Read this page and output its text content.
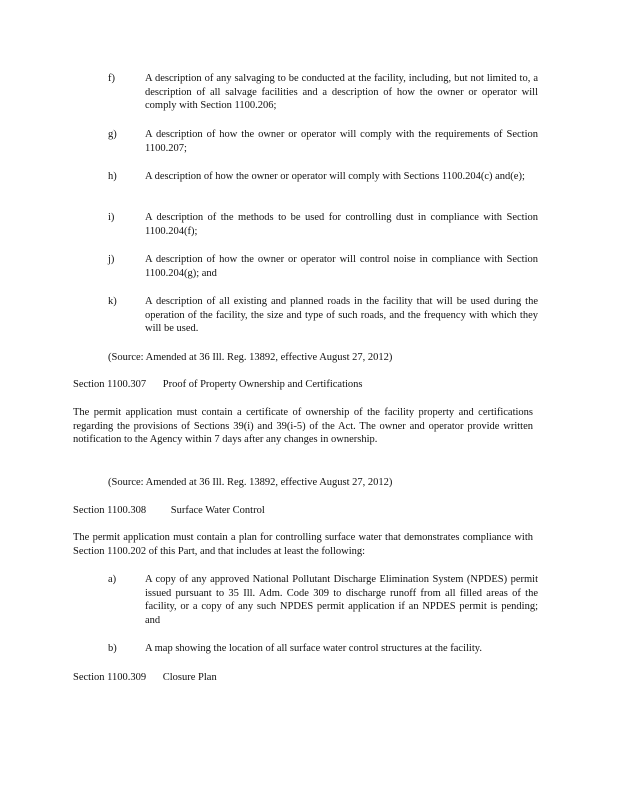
f)	A description of any salvaging to be conducted at the facility, including, but not limited to, a description of all salvage facilities and a description of how the owner or operator will comply with Section 1100.206;
g)	A description of how the owner or operator will comply with the requirements of Section 1100.207;
h)	A description of how the owner or operator will comply with Sections 1100.204(c) and(e);
i)	A description of the methods to be used for controlling dust in compliance with Section 1100.204(f);
j)	A description of how the owner or operator will control noise in compliance with Section 1100.204(g); and
k)	A description of all existing and planned roads in the facility that will be used during the operation of the facility, the size and type of such roads, and the frequency with which they will be used.
(Source: Amended at 36 Ill. Reg. 13892, effective August 27, 2012)
Section 1100.307 Proof of Property Ownership and Certifications
The permit application must contain a certificate of ownership of the facility property and certifications regarding the provisions of Sections 39(i) and 39(i-5) of the Act. The owner and operator provide written notification to the Agency within 7 days after any changes in ownership.
(Source: Amended at 36 Ill. Reg. 13892, effective August 27, 2012)
Section 1100.308 Surface Water Control
The permit application must contain a plan for controlling surface water that demonstrates compliance with Section 1100.202 of this Part, and that includes at least the following:
a)	A copy of any approved National Pollutant Discharge Elimination System (NPDES) permit issued pursuant to 35 Ill. Adm. Code 309 to discharge runoff from all filled areas of the facility, or a copy of any such NPDES permit application if an NPDES permit is pending; and
b)	A map showing the location of all surface water control structures at the facility.
Section 1100.309 Closure Plan
